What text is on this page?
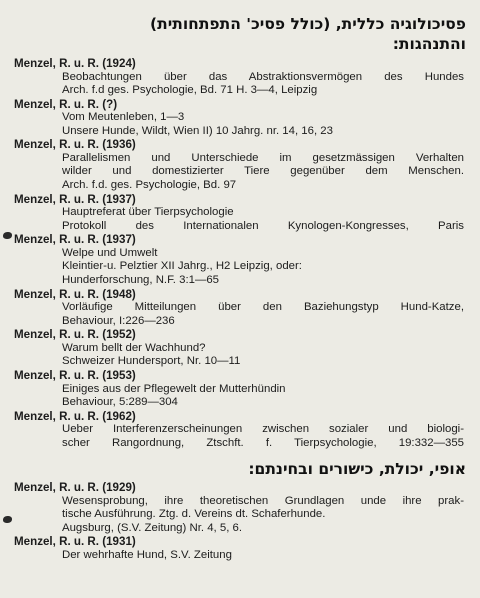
פסיכולוגיה כללית, (כולל פסיכ' התפתחותית)
והתנהגות:
Menzel, R. u. R. (1924)
Beobachtungen über das Abstraktionsvermögen des Hundes
Arch. f.d ges. Psychologie, Bd. 71 H. 3—4, Leipzig
Menzel, R. u. R. (?)
Vom Meutenleben, 1—3
Unsere Hunde, Wildt, Wien II) 10 Jahrg. nr. 14, 16, 23
Menzel, R. u. R. (1936)
Parallelismen und Unterschiede im gesetzmässigen Verhalten
wilder und domestizierter Tiere gegenüber dem Menschen.
Arch. f.d. ges. Psychologie, Bd. 97
Menzel, R. u. R. (1937)
Hauptreferat über Tierpsychologie
Protokoll des Internationalen Kynologen-Kongresses, Paris
Menzel, R. u. R. (1937)
Welpe und Umwelt
Kleintier-u. Pelztier XII Jahrg., H2 Leipzig, oder:
Hunderforschung, N.F. 3:1—65
Menzel, R. u. R. (1948)
Vorläufige Mitteilungen über den Baziehungstyp Hund-Katze,
Behaviour, I:226—236
Menzel, R. u. R. (1952)
Warum bellt der Wachhund?
Schweizer Hundersport, Nr. 10—11
Menzel, R. u. R. (1953)
Einiges aus der Pflegewelt der Mutterhündin
Behaviour, 5:289—304
Menzel, R. u. R. (1962)
Ueber Interferenzerscheinungen zwischen sozialer und biologi-
scher Rangordnung, Ztschft. f. Tierpsychologie, 19:332—355
אופי, יכולת, כישורים ובחינתם:
Menzel, R. u. R. (1929)
Wesensprobung, ihre theoretischen Grundlagen unde ihre prak-
tische Ausführung. Ztg. d. Vereins dt. Schaferhunde.
Augsburg, (S.V. Zeitung) Nr. 4, 5, 6.
Menzel, R. u. R. (1931)
Der wehrhafte Hund, S.V. Zeitung
